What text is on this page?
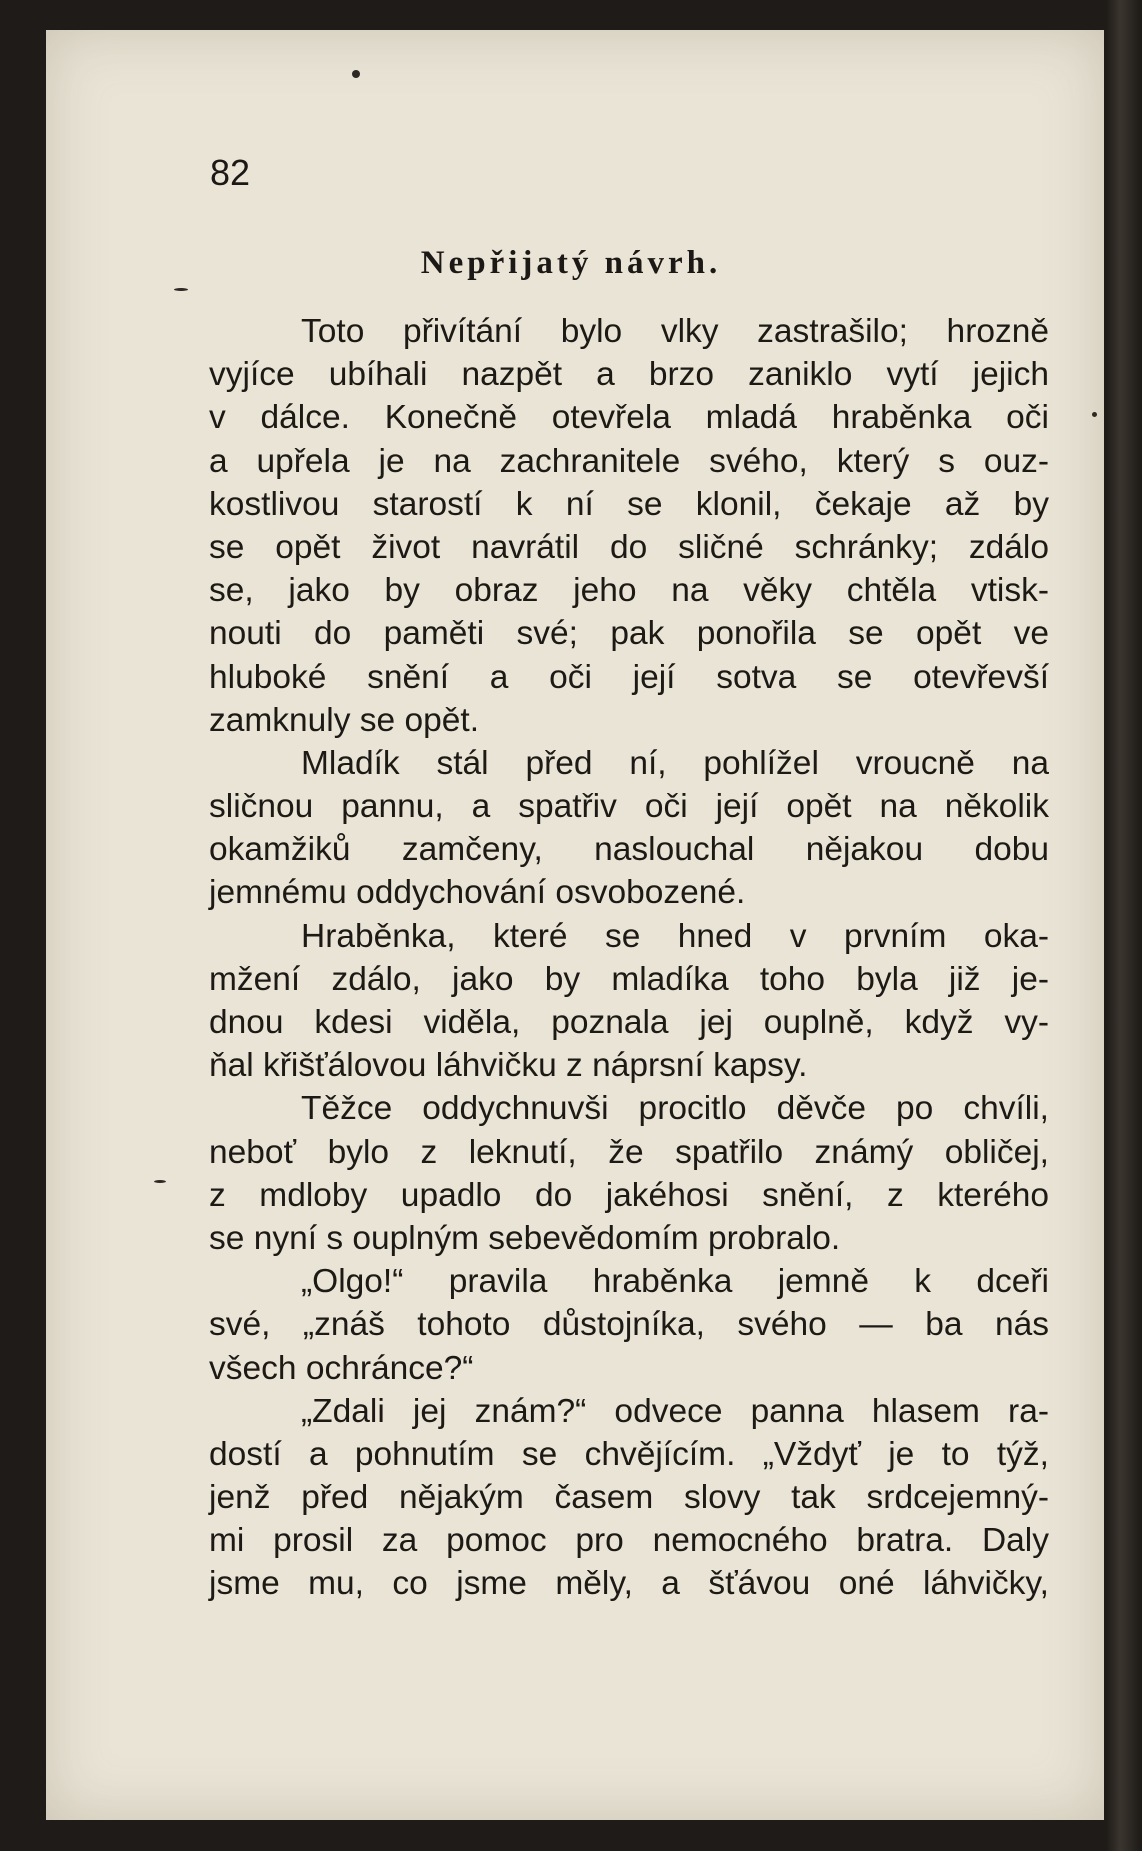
82
Nepřijatý návrh.
Toto přivítání bylo vlky zastrašilo; hrozně
vyjíce ubíhali nazpět a brzo zaniklo vytí jejich
v dálce. Konečně otevřela mladá hraběnka oči
a upřela je na zachranitele svého, který s ouz-
kostlivou starostí k ní se klonil, čekaje až by
se opět život navrátil do sličné schránky; zdálo
se, jako by obraz jeho na věky chtěla vtisk-
nouti do paměti své; pak ponořila se opět ve
hluboké snění a oči její sotva se otevřevší
zamknuly se opět.
Mladík stál před ní, pohlížel vroucně na
sličnou pannu, a spatřiv oči její opět na několik
okamžiků zamčeny, naslouchal nějakou dobu
jemnému oddychování osvobozené.
Hraběnka, které se hned v prvním oka-
mžení zdálo, jako by mladíka toho byla již je-
dnou kdesi viděla, poznala jej ouplně, když vy-
ňal křišťálovou láhvičku z náprsní kapsy.
Těžce oddychnuvši procitlo děvče po chvíli,
neboť bylo z leknutí, že spatřilo známý obličej,
z mdloby upadlo do jakéhosi snění, z kterého
se nyní s ouplným sebevědomím probralo.
„Olgo!“ pravila hraběnka jemně k dceři
své, „znáš tohoto důstojníka, svého — ba nás
všech ochránce?“
„Zdali jej znám?“ odvece panna hlasem ra-
dostí a pohnutím se chvějícím. „Vždyť je to týž,
jenž před nějakým časem slovy tak srdcejemný-
mi prosil za pomoc pro nemocného bratra. Daly
jsme mu, co jsme měly, a šťávou oné láhvičky,
